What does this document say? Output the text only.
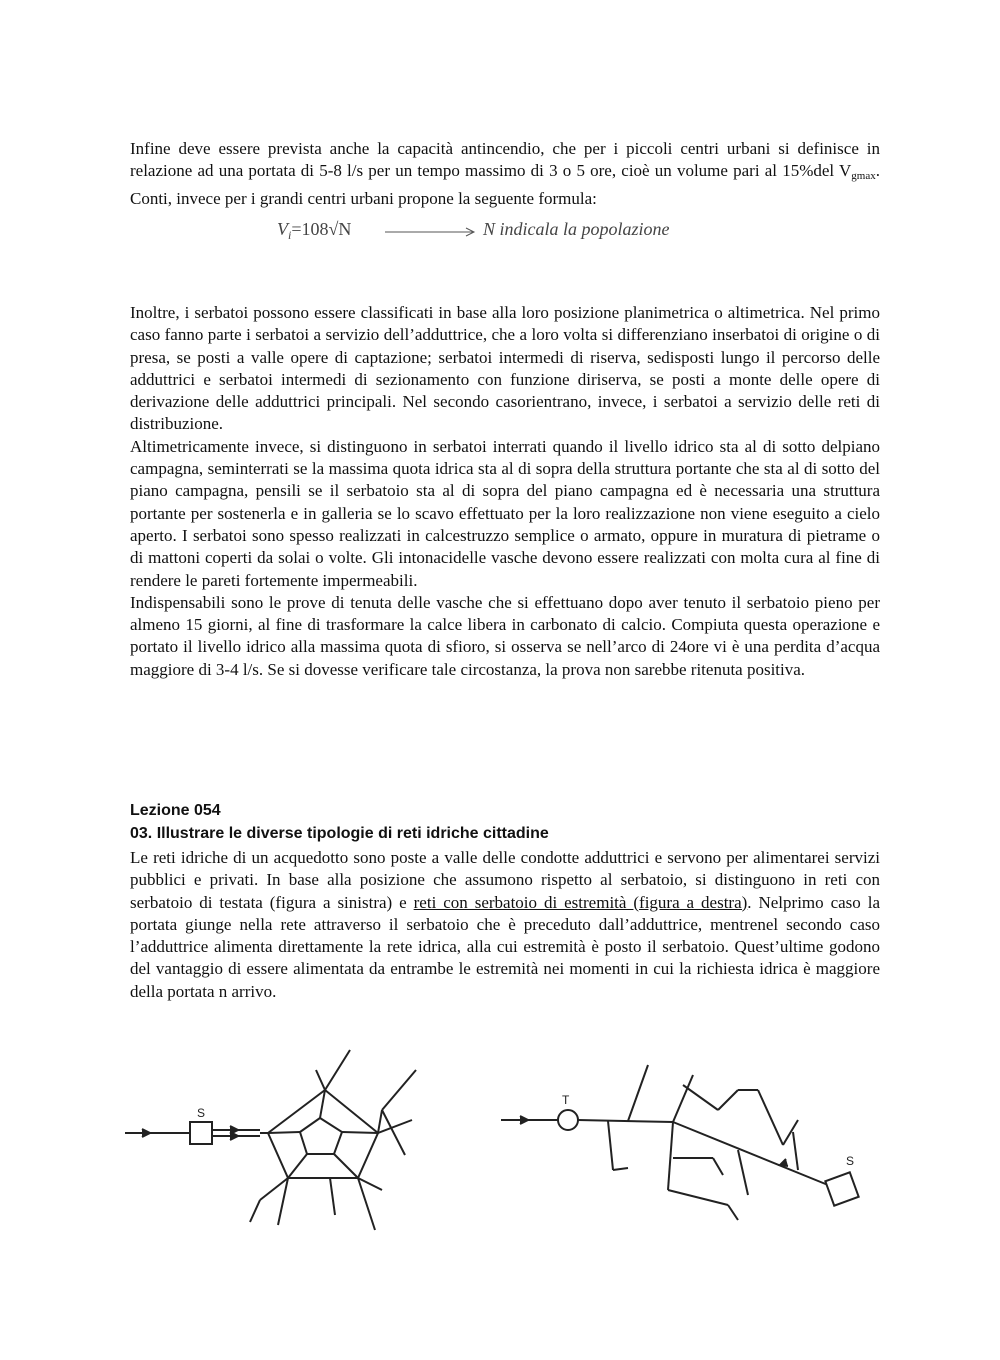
Infine deve essere prevista anche la capacità antincendio, che per i piccoli centri urbani si definisce in relazione ad una portata di 5-8 l/s per un tempo massimo di 3 o 5 ore, cioè un volume pari al 15%del $V_{gmax}$. Conti, invece per i grandi centri urbani propone la seguente formula:

$V_i=108√N$	N indicala la popolazione

Inoltre, i serbatoi possono essere classificati in base alla loro posizione planimetrica o altimetrica. Nel primo caso fanno parte i serbatoi a servizio dell’adduttrice, che a loro volta si differenziano inserbatoi di origine o di presa, se posti a valle opere di captazione; serbatoi intermedi di riserva, sedisposti lungo il percorso delle adduttrici e serbatoi intermedi di sezionamento con funzione diriserva, se posti a monte delle opere di derivazione delle adduttrici principali. Nel secondo casorientrano, invece, i serbatoi a servizio delle reti di distribuzione.

Altimetricamente invece, si distinguono in serbatoi interrati quando il livello idrico sta al di sotto delpiano campagna, seminterrati se la massima quota idrica sta al di sopra della struttura portante che sta al di sotto del piano campagna, pensili se il serbatoio sta al di sopra del piano campagna ed è necessaria una struttura portante per sostenerla e in galleria se lo scavo effettuato per la loro realizzazione non viene eseguito a cielo aperto. I serbatoi sono spesso realizzati in calcestruzzo semplice o armato, oppure in muratura di pietrame o di mattoni coperti da solai o volte. Gli intonacidelle vasche devono essere realizzati con molta cura al fine di rendere le pareti fortemente impermeabili.

Indispensabili sono le prove di tenuta delle vasche che si effettuano dopo aver tenuto il serbatoio pieno per almeno 15 giorni, al fine di trasformare la calce libera in carbonato di calcio. Compiuta questa operazione e portato il livello idrico alla massima quota di sfioro, si osserva se nell’arco di 24ore vi è una perdita d’acqua maggiore di 3-4 l/s. Se si dovesse verificare tale circostanza, la prova non sarebbe ritenuta positiva.

Lezione 054
03. Illustrare le diverse tipologie di reti idriche cittadine

Le reti idriche di un acquedotto sono poste a valle delle condotte adduttrici e servono per alimentarei servizi pubblici e privati. In base alla posizione che assumono rispetto al serbatoio, si distinguono in reti con serbatoio di testata (figura a sinistra) e reti con serbatoio di estremità (figura a destra). Nelprimo caso la portata giunge nella rete attraverso il serbatoio che è preceduto dall’adduttrice, mentrenel secondo caso l’adduttrice alimenta direttamente la rete idrica, alla cui estremità è posto il serbatoio. Quest’ultime godono del vantaggio di essere alimentata da entrambe le estremità nei momenti in cui la richiesta idrica è maggiore della portata n arrivo.

S
T
S
